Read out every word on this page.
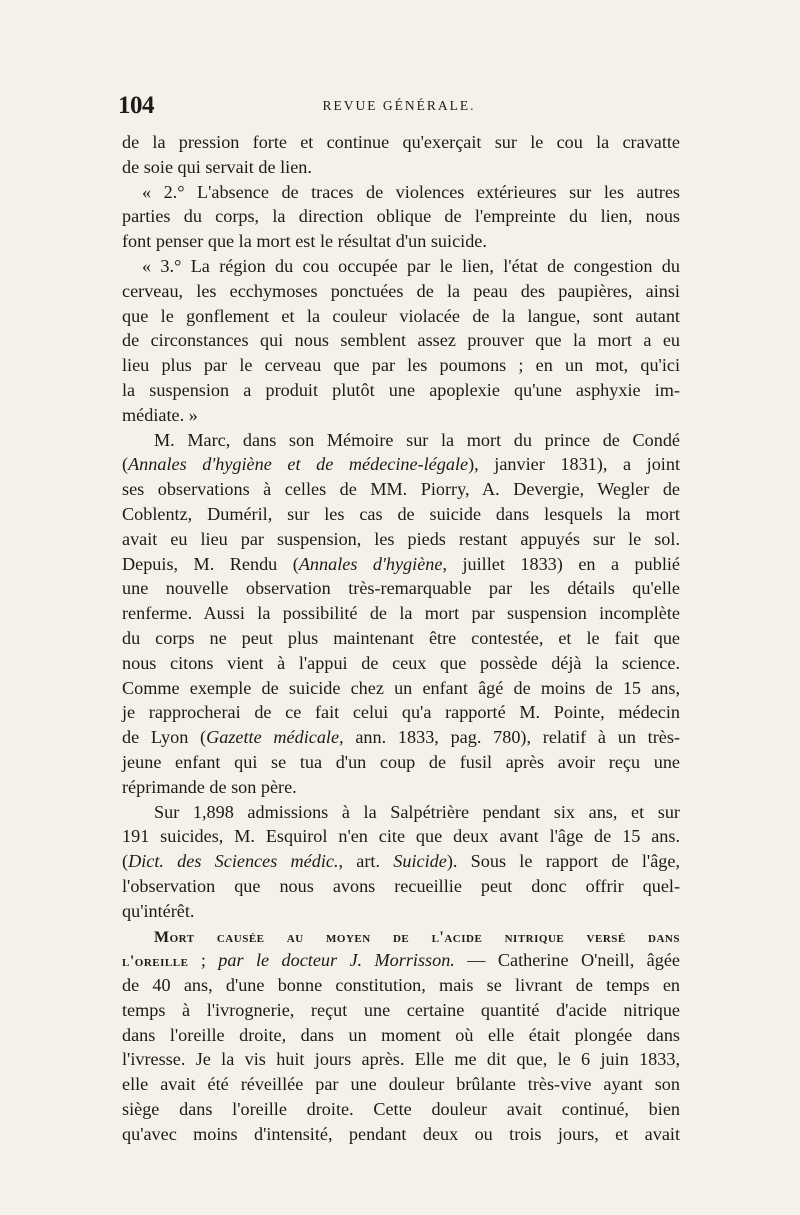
104	REVUE GÉNÉRALE.
de la pression forte et continue qu'exerçait sur le cou la cravatte
de soie qui servait de lien.
« 2.° L'absence de traces de violences extérieures sur les autres
parties du corps, la direction oblique de l'empreinte du lien, nous
font penser que la mort est le résultat d'un suicide.
« 3.° La région du cou occupée par le lien, l'état de congestion du
cerveau, les ecchymoses ponctuées de la peau des paupières, ainsi
que le gonflement et la couleur violacée de la langue, sont autant
de circonstances qui nous semblent assez prouver que la mort a eu
lieu plus par le cerveau que par les poumons ; en un mot, qu'ici
la suspension a produit plutôt une apoplexie qu'une asphyxie im-
médiate. »
M. Marc, dans son Mémoire sur la mort du prince de Condé
(Annales d'hygiène et de médecine-légale), janvier 1831), a joint
ses observations à celles de MM. Piorry, A. Devergie, Wegler de
Coblentz, Duméril, sur les cas de suicide dans lesquels la mort
avait eu lieu par suspension, les pieds restant appuyés sur le sol.
Depuis, M. Rendu (Annales d'hygiène, juillet 1833) en a publié
une nouvelle observation très-remarquable par les détails qu'elle
renferme. Aussi la possibilité de la mort par suspension incomplète
du corps ne peut plus maintenant être contestée, et le fait que
nous citons vient à l'appui de ceux que possède déjà la science.
Comme exemple de suicide chez un enfant âgé de moins de 15 ans,
je rapprocherai de ce fait celui qu'a rapporté M. Pointe, médecin
de Lyon (Gazette médicale, ann. 1833, pag. 780), relatif à un très-
jeune enfant qui se tua d'un coup de fusil après avoir reçu une
réprimande de son père.
Sur 1,898 admissions à la Salpétrière pendant six ans, et sur
191 suicides, M. Esquirol n'en cite que deux avant l'âge de 15 ans.
(Dict. des Sciences médic., art. Suicide). Sous le rapport de l'âge,
l'observation que nous avons recueillie peut donc offrir quel-
qu'intérêt.
Mort causée au moyen de l'acide nitrique versé dans
l'oreille ; par le docteur J. Morrisson. — Catherine O'neill, âgée
de 40 ans, d'une bonne constitution, mais se livrant de temps en
temps à l'ivrognerie, reçut une certaine quantité d'acide nitrique
dans l'oreille droite, dans un moment où elle était plongée dans
l'ivresse. Je la vis huit jours après. Elle me dit que, le 6 juin 1833,
elle avait été réveillée par une douleur brûlante très-vive ayant son
siège dans l'oreille droite. Cette douleur avait continué, bien
qu'avec moins d'intensité, pendant deux ou trois jours, et avait
